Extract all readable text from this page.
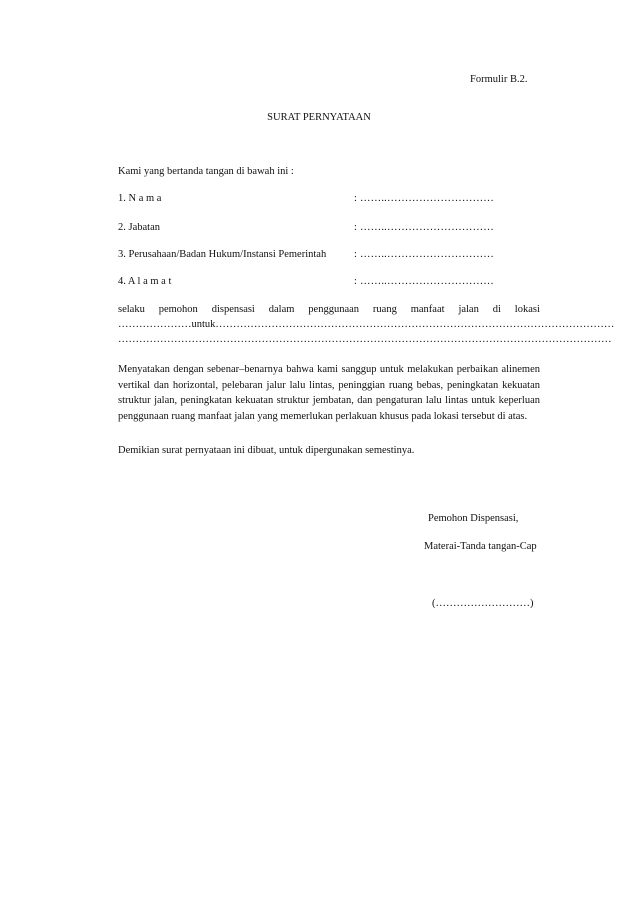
Formulir B.2.
SURAT PERNYATAAN
Kami yang bertanda tangan di bawah ini :
1. N a m a	: ……..…………………………
2. Jabatan	: ……..…………………………
3. Perusahaan/Badan Hukum/Instansi Pemerintah	: ……..…………………………
4. A l a m a t	: ……..…………………………
selaku pemohon dispensasi dalam penggunaan ruang manfaat jalan di lokasi
…………………untuk……………………………………………………………………………………………………
……………………………………………………………………………………………………………………………
Menyatakan dengan sebenar–benarnya bahwa kami sanggup untuk melakukan perbaikan alinemen vertikal dan horizontal, pelebaran jalur lalu lintas, peninggian ruang bebas, peningkatan kekuatan struktur jalan, peningkatan kekuatan struktur jembatan, dan pengaturan lalu lintas untuk keperluan penggunaan ruang manfaat jalan yang memerlukan perlakuan khusus pada lokasi tersebut di atas.
Demikian surat pernyataan ini dibuat, untuk dipergunakan semestinya.
Pemohon Dispensasi,
Materai-Tanda tangan-Cap
(………………………)
